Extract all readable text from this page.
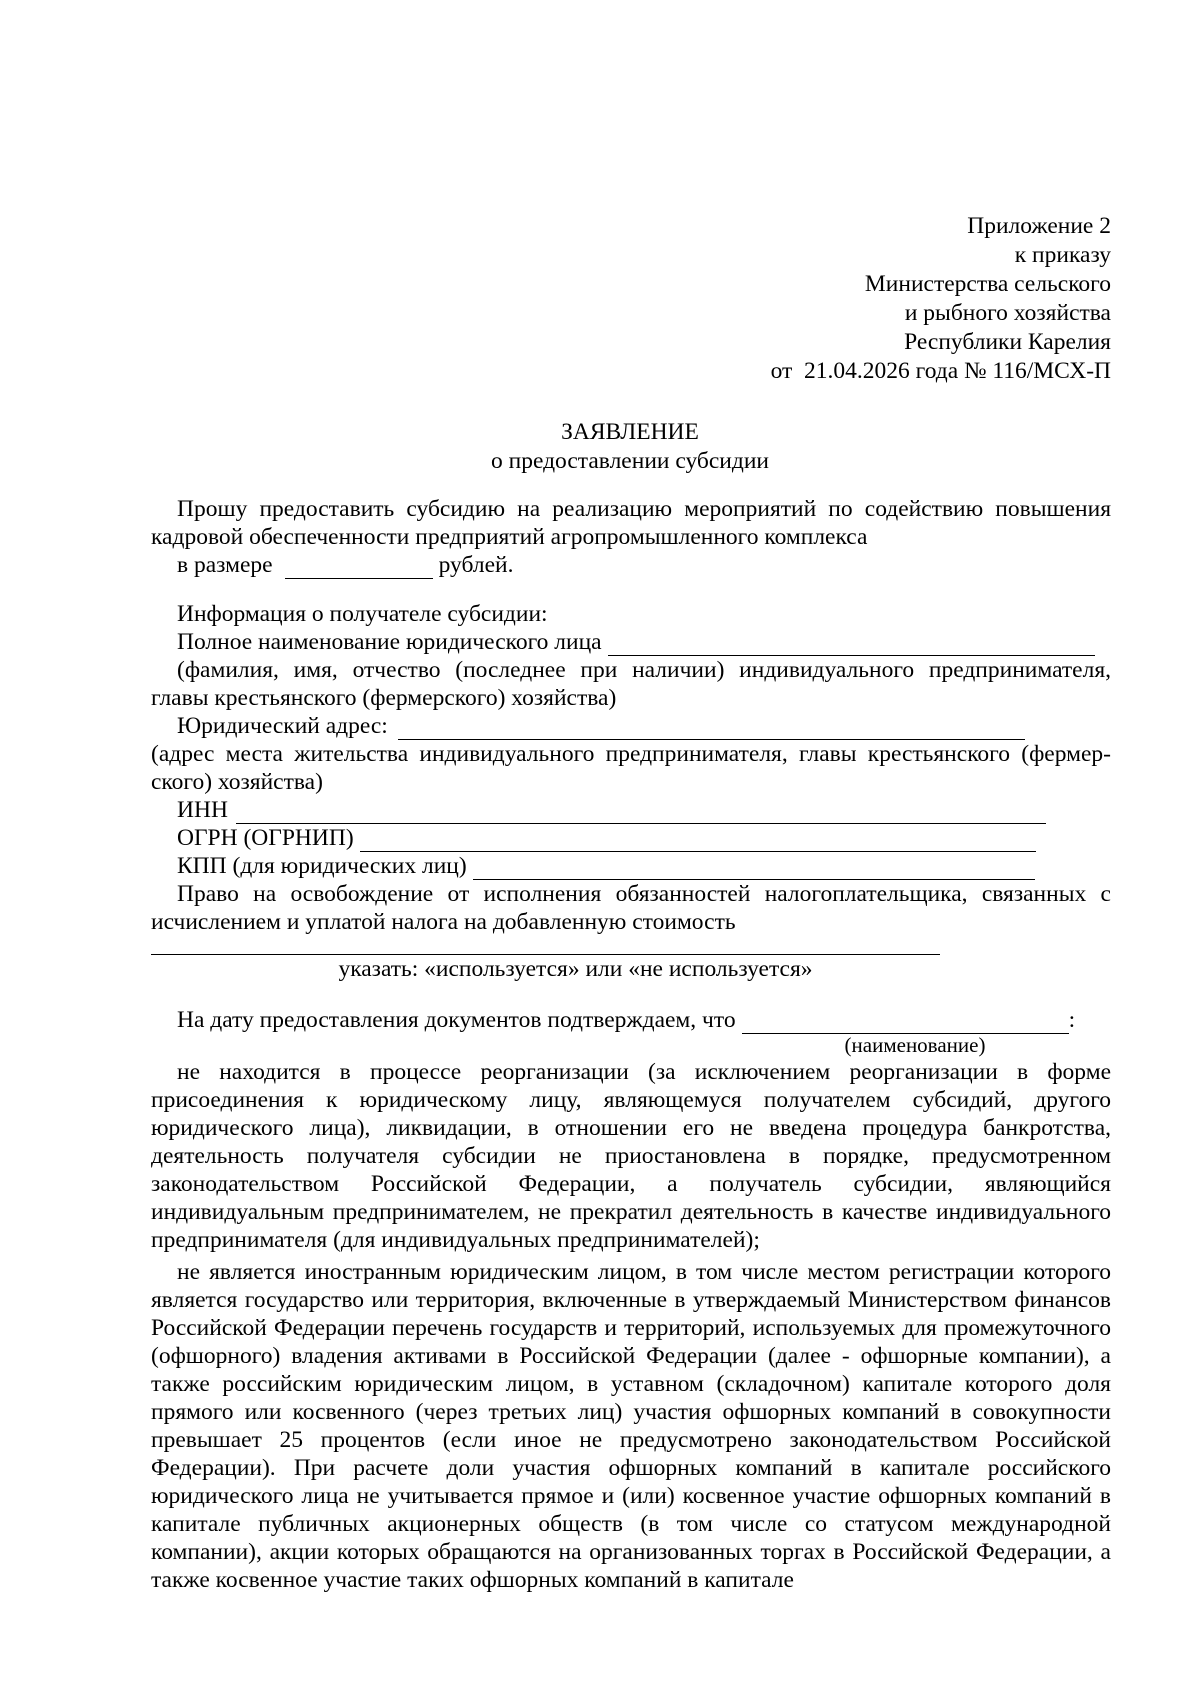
Приложение 2
к приказу
Министерства сельского
и рыбного хозяйства
Республики Карелия
от  21.04.2026 года № 116/МСХ-П
ЗАЯВЛЕНИЕ
о предоставлении субсидии
Прошу предоставить субсидию на реализацию мероприятий по содействию повышения кадровой обеспеченности предприятий агропромышленного комплекса
в размере	рублей.
Информация о получателе субсидии:
Полное наименование юридического лица
(фамилия, имя, отчество (последнее при наличии) индивидуального предпринимателя, главы крестьянского (фермерского) хозяйства)
Юридический адрес:
(адрес места жительства индивидуального предпринимателя, главы крестьянского (фермер-ского) хозяйства)
ИНН
ОГРН (ОГРНИП)
КПП (для юридических лиц)
Право на освобождение от исполнения обязанностей налогоплательщика, связанных с исчислением и уплатой налога на добавленную стоимость
указать: «используется» или «не используется»
На дату предоставления документов подтверждаем, что	:
(наименование)
не находится в процессе реорганизации (за исключением реорганизации в форме присоединения к юридическому лицу, являющемуся получателем субсидий, другого юридического лица), ликвидации, в отношении его не введена процедура банкротства, деятельность получателя субсидии не приостановлена в порядке, предусмотренном законодательством Российской Федерации, а получатель субсидии, являющийся индивидуальным предпринимателем, не прекратил деятельность в качестве индивидуального предпринимателя (для индивидуальных предпринимателей);
не является иностранным юридическим лицом, в том числе местом регистрации которого является государство или территория, включенные в утверждаемый Министерством финансов Российской Федерации перечень государств и территорий, используемых для промежуточного (офшорного) владения активами в Российской Федерации (далее - офшорные компании), а также российским юридическим лицом, в уставном (складочном) капитале которого доля прямого или косвенного (через третьих лиц) участия офшорных компаний в совокупности превышает 25 процентов (если иное не предусмотрено законодательством Российской Федерации). При расчете доли участия офшорных компаний в капитале российского юридического лица не учитывается прямое и (или) косвенное участие офшорных компаний в капитале публичных акционерных обществ (в том числе со статусом международной компании), акции которых обращаются на организованных торгах в Российской Федерации, а также косвенное участие таких офшорных компаний в капитале
